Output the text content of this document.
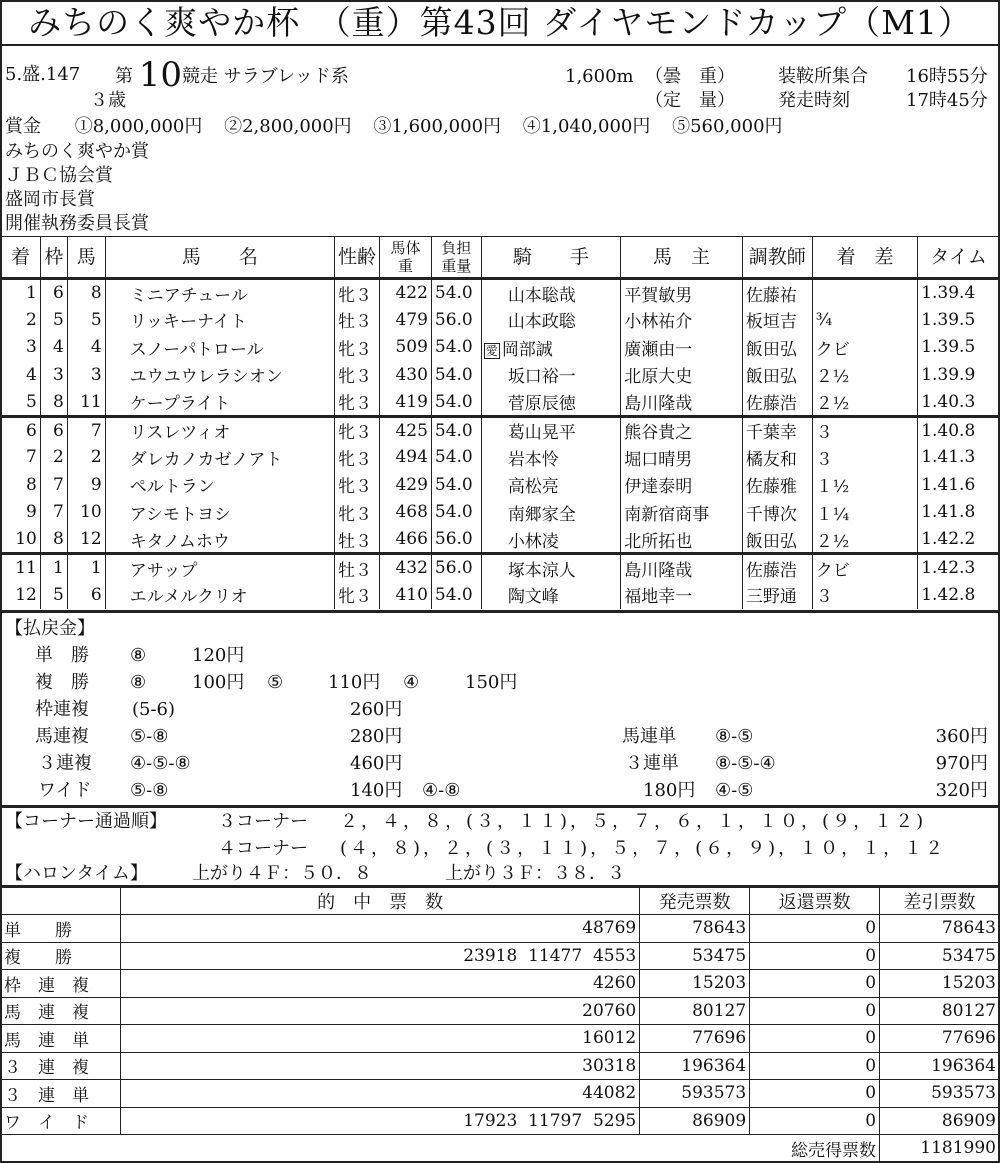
みちのく爽やか杯　（重）第43回 ダイヤモンドカップ（M1）
5.盛.147 第 10競走 サラブレッド系
３歳
1,600m （曇　重）
（定　量）
装鞍所集合 16時55分
発走時刻	17時45分
賞金 ①8,000,000円 ②2,800,000円 ③1,600,000円 ④1,040,000円 ⑤560,000円
みちのく爽やか賞
ＪＢＣ協会賞
盛岡市長賞
開催執務委員長賞
着	枠	馬	馬　　名	性齢	馬体重	負担重量	騎　　手	馬　主	調教師	着　差	タイム
1	6	8	ミニアチュール	牝３	422	54.0	山本聡哉	平賀敏男	佐藤祐		1.39.4
2	5	5	リッキーナイト	牡３	479	56.0	山本政聡	小林祐介	板垣吉	¾	1.39.5
3	4	4	スノーパトロール	牝３	509	54.0	愛 岡部誠	廣瀬由一	飯田弘	クビ	1.39.5
4	3	3	ユウユウレラシオン	牝３	430	54.0	坂口裕一	北原大史	飯田弘	２½	1.39.9
5	8	11	ケープライト	牝３	419	54.0	菅原辰徳	島川隆哉	佐藤浩	２½	1.40.3
6	6	7	リスレツィオ	牝３	425	54.0	葛山晃平	熊谷貴之	千葉幸	３	1.40.8
7	2	2	ダレカノカゼノアト	牝３	494	54.0	岩本怜	堀口晴男	橘友和	３	1.41.3
8	7	9	ペルトラン	牝３	429	54.0	高松亮	伊達泰明	佐藤雅	１½	1.41.6
9	7	10	アシモトヨシ	牝３	468	54.0	南郷家全	南新宿商事	千博次	１¼	1.41.8
10	8	12	キタノムホウ	牡３	466	56.0	小林凌	北所拓也	飯田弘	２½	1.42.2
11	1	1	アサップ	牡３	432	56.0	塚本涼人	島川隆哉	佐藤浩	クビ	1.42.3
12	5	6	エルメルクリオ	牝３	410	54.0	陶文峰	福地幸一	三野通	３	1.42.8
【払戻金】
単　勝 ⑧	120円
複　勝 ⑧	100円 ⑤ 110円 ④	150円
枠連複 (5-6)	260円
馬連複 ⑤-⑧	280円	馬連単 ⑧-⑤	360円
３連複 ④-⑤-⑧	460円	３連単 ⑧-⑤-④	970円
ワイド ⑤-⑧	140円 ④-⑧	180円 ④-⑤	320円
【コーナー通過順】	３コーナー ２，４，８，(３，１１)，５，７，６，１，１０，(９，１２)
４コーナー (４，８)，２，(３，１１)，５，７，(６，９)，１０，１，１２
【ハロンタイム】 上がり４Ｆ：５０．８	上がり３Ｆ：３８．３
	的　中　票　数	発売票数	返還票数	差引票数
単　　勝	48769	78643	0	78643
複　　勝	23918  11477  4553	53475	0	53475
枠　連　複	4260	15203	0	15203
馬　連　複	20760	80127	0	80127
馬　連　単	16012	77696	0	77696
３　連　複	30318	196364	0	196364
３　連　単	44082	593573	0	593573
ワ　イ　ド	17923  11797  5295	86909	0	86909
総売得票数				1181990
